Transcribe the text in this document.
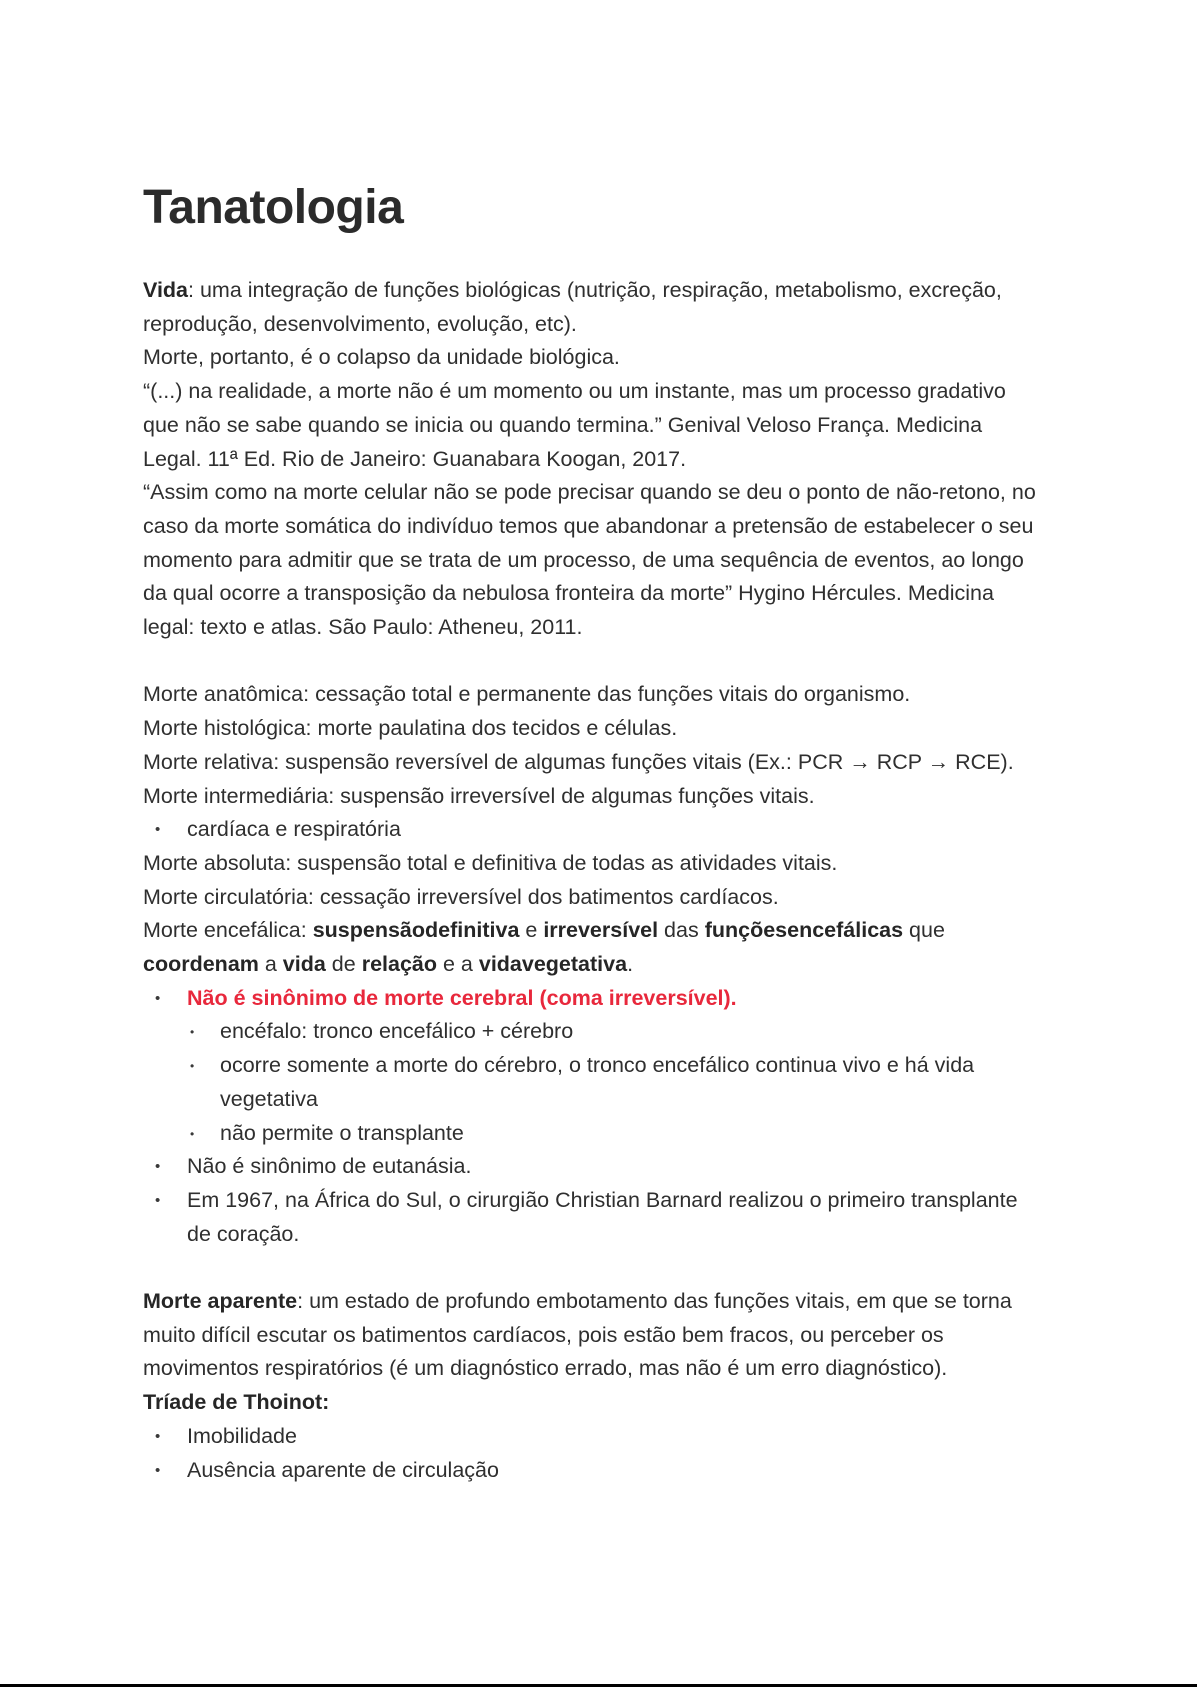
Tanatologia

Vida: uma integração de funções biológicas (nutrição, respiração, metabolismo, excreção, reprodução, desenvolvimento, evolução, etc).

Morte, portanto, é o colapso da unidade biológica.

“(...) na realidade, a morte não é um momento ou um instante, mas um processo gradativo que não se sabe quando se inicia ou quando termina.” Genival Veloso França. Medicina Legal. 11ª Ed. Rio de Janeiro: Guanabara Koogan, 2017.

“Assim como na morte celular não se pode precisar quando se deu o ponto de não-retono, no caso da morte somática do indivíduo temos que abandonar a pretensão de estabelecer o seu momento para admitir que se trata de um processo, de uma sequência de eventos, ao longo da qual ocorre a transposição da nebulosa fronteira da morte” Hygino Hércules. Medicina legal: texto e atlas. São Paulo: Atheneu, 2011.

Morte anatômica: cessação total e permanente das funções vitais do organismo.

Morte histológica: morte paulatina dos tecidos e células.

Morte relativa: suspensão reversível de algumas funções vitais (Ex.: PCR → RCP → RCE).

Morte intermediária: suspensão irreversível de algumas funções vitais.

• cardíaca e respiratória

Morte absoluta: suspensão total e definitiva de todas as atividades vitais.

Morte circulatória: cessação irreversível dos batimentos cardíacos.

Morte encefálica: suspensãodefinitiva e irreversível das funçõesencefálicas que coordenam a vida de relação e a vidavegetativa.

• Não é sinônimo de morte cerebral (coma irreversível).
• encéfalo: tronco encefálico + cérebro
• ocorre somente a morte do cérebro, o tronco encefálico continua vivo e há vida vegetativa
• não permite o transplante
• Não é sinônimo de eutanásia.
• Em 1967, na África do Sul, o cirurgião Christian Barnard realizou o primeiro transplante de coração.

Morte aparente: um estado de profundo embotamento das funções vitais, em que se torna muito difícil escutar os batimentos cardíacos, pois estão bem fracos, ou perceber os movimentos respiratórios (é um diagnóstico errado, mas não é um erro diagnóstico).

Tríade de Thoinot:

• Imobilidade
• Ausência aparente de circulação
